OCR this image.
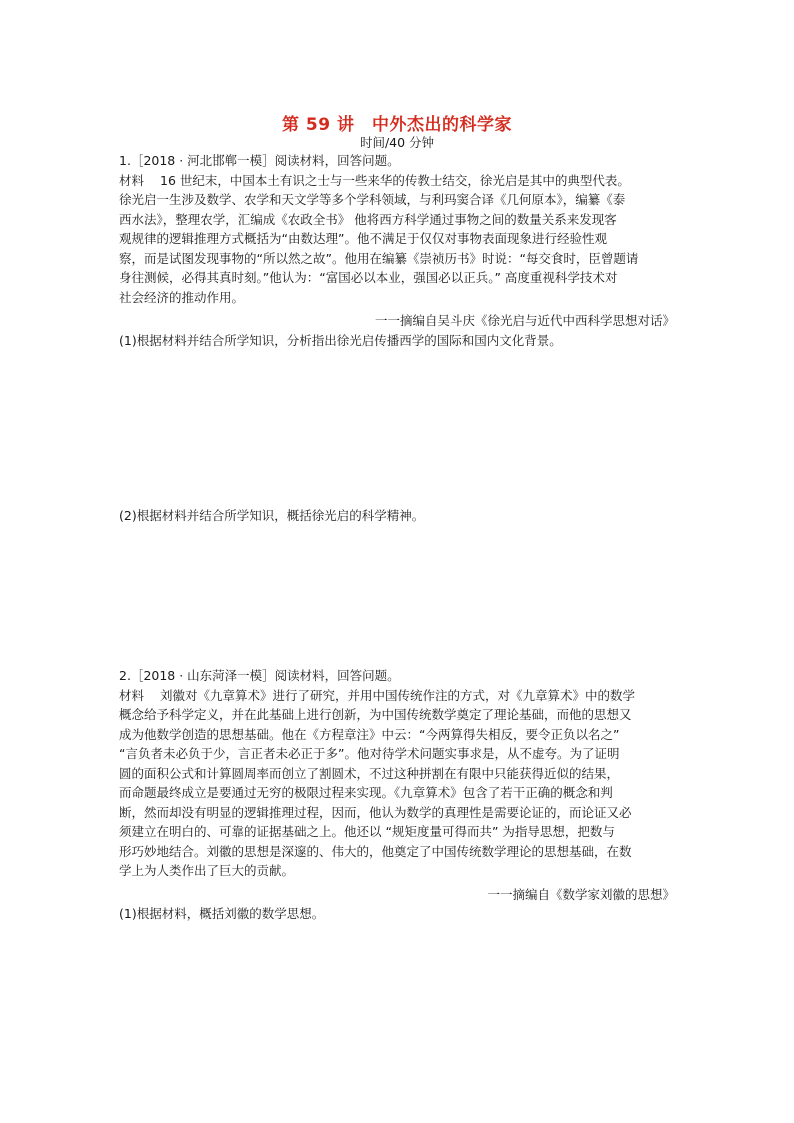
第 59 讲　中外杰出的科学家
时间/40 分钟
1.［2018 · 河北邯郸一模］阅读材料，回答问题。
材料 16 世纪末，中国本土有识之士与一些来华的传教士结交，徐光启是其中的典型代表。
徐光启一生涉及数学、农学和天文学等多个学科领域，与利玛窦合译《几何原本》，编纂《泰
西水法》，整理农学，汇编成《农政全书》 他将西方科学通过事物之间的数量关系来发现客
观规律的逻辑推理方式概括为“由数达理”。他不满足于仅仅对事物表面现象进行经验性观
察，而是试图发现事物的“所以然之故”。他用在编纂《崇祯历书》时说：“每交食时，臣曾题请
身往测候，必得其真时刻。”他认为：“富国必以本业，强国必以正兵。” 高度重视科学技术对
社会经济的推动作用。
一一摘编自吴斗庆《徐光启与近代中西科学思想对话》
(1)根据材料并结合所学知识，分析指出徐光启传播西学的国际和国内文化背景。
(2)根据材料并结合所学知识，概括徐光启的科学精神。
2.［2018 · 山东菏泽一模］阅读材料，回答问题。
材料 刘徽对《九章算术》进行了研究，并用中国传统作注的方式，对《九章算术》中的数学
概念给予科学定义，并在此基础上进行创新，为中国传统数学奠定了理论基础，而他的思想又
成为他数学创造的思想基础。他在《方程章注》中云：“今两算得失相反，要令正负以名之”
“言负者未必负于少，言正者未必正于多”。他对待学术问题实事求是，从不虚夸。为了证明
圆的面积公式和计算圆周率而创立了割圆术，不过这种拼割在有限中只能获得近似的结果，
而命题最终成立是要通过无穷的极限过程来实现。《九章算术》包含了若干正确的概念和判
断，然而却没有明显的逻辑推理过程，因而，他认为数学的真理性是需要论证的，而论证又必
须建立在明白的、可靠的证据基础之上。他还以 “规矩度量可得而共” 为指导思想，把数与
形巧妙地结合。刘徽的思想是深邃的、伟大的，他奠定了中国传统数学理论的思想基础，在数
学上为人类作出了巨大的贡献。
一一摘编自《数学家刘徽的思想》
(1)根据材料，概括刘徽的数学思想。
